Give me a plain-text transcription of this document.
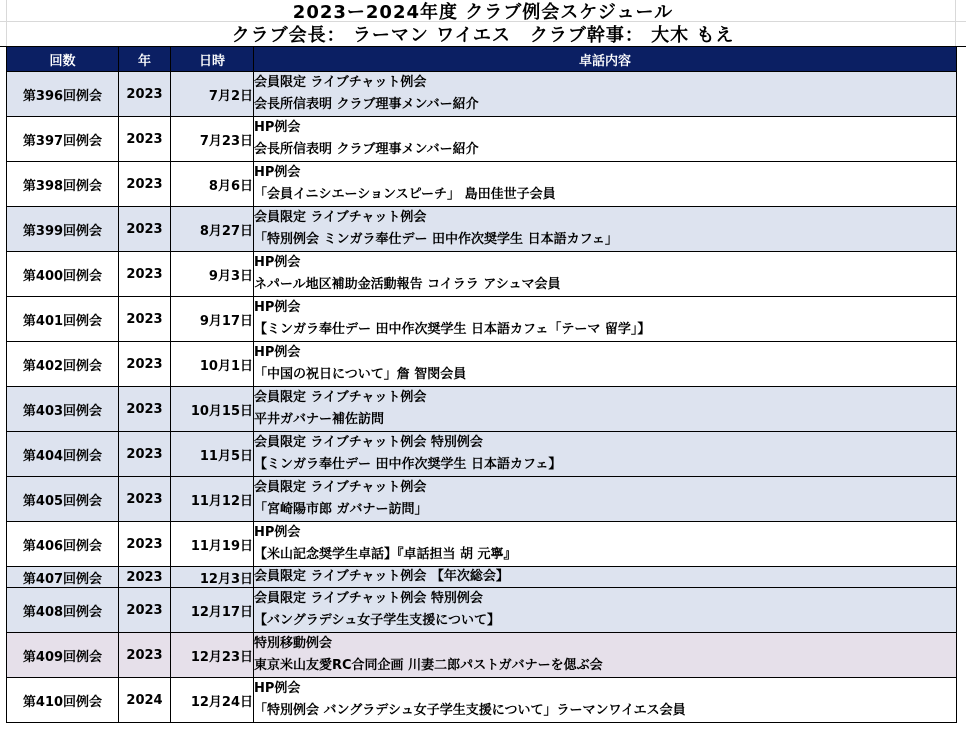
2023ー2024年度 クラブ例会スケジュール
クラブ会長： ラーマン ワイエス　クラブ幹事： 大木 もえ
回数	年	日時	卓話内容
第396回例会	2023	7月2日	会員限定 ライブチャット例会
会長所信表明 クラブ理事メンバー紹介

第397回例会	2023	7月23日	HP例会
会長所信表明 クラブ理事メンバー紹介

第398回例会	2023	8月6日	HP例会
「会員イニシエーションスピーチ」 島田佳世子会員

第399回例会	2023	8月27日	会員限定 ライブチャット例会
「特別例会 ミンガラ奉仕デー 田中作次奨学生 日本語カフェ」

第400回例会	2023	9月3日	HP例会
ネパール地区補助金活動報告 コイララ アシュマ会員

第401回例会	2023	9月17日	HP例会
【ミンガラ奉仕デー 田中作次奨学生 日本語カフェ「テーマ 留学」】

第402回例会	2023	10月1日	HP例会
「中国の祝日について」詹 智閔会員

第403回例会	2023	10月15日	会員限定 ライブチャット例会
平井ガバナー補佐訪問

第404回例会	2023	11月5日	会員限定 ライブチャット例会 特別例会
【ミンガラ奉仕デー 田中作次奨学生 日本語カフェ】

第405回例会	2023	11月12日	会員限定 ライブチャット例会
「宮崎陽市郎 ガバナー訪問」

第406回例会	2023	11月19日	HP例会
【米山記念奨学生卓話】『卓話担当 胡 元寧』

第407回例会	2023	12月3日	会員限定 ライブチャット例会 【年次総会】

第408回例会	2023	12月17日	会員限定 ライブチャット例会 特別例会
【バングラデシュ女子学生支援について】

第409回例会	2023	12月23日	特別移動例会
東京米山友愛RC合同企画 川妻二郎パストガバナーを偲ぶ会

第410回例会	2024	12月24日	HP例会
「特別例会 バングラデシュ女子学生支援について」ラーマンワイエス会員
